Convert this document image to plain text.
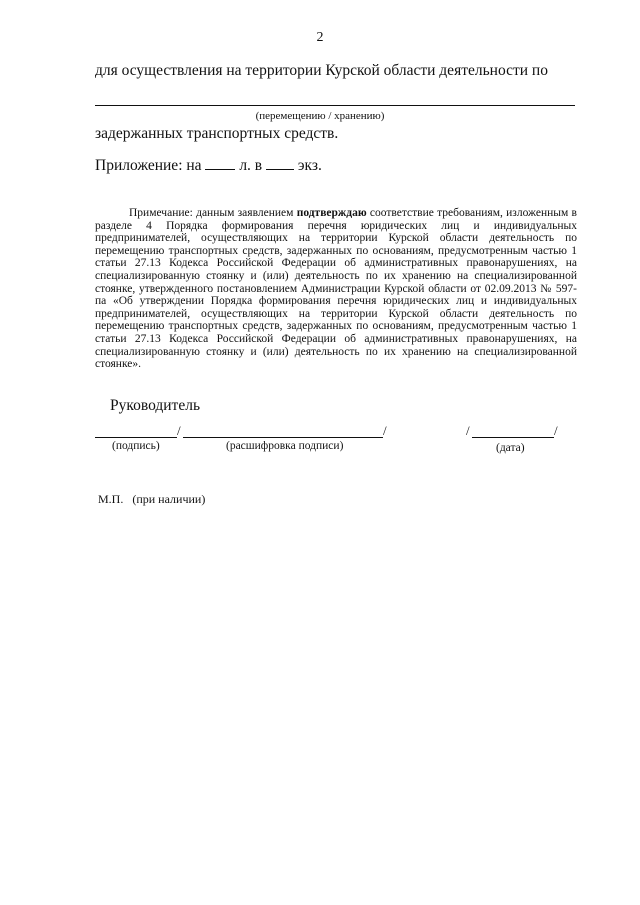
2
для осуществления на территории Курской области деятельности по
(перемещению / хранению)
задержанных транспортных средств.
Приложение: на л. в экз.
Примечание: данным заявлением подтверждаю соответствие требованиям, изложенным в разделе 4 Порядка формирования перечня юридических лиц и индивидуальных предпринимателей, осуществляющих на территории Курской области деятельность по перемещению транспортных средств, задержанных по основаниям, предусмотренным частью 1 статьи 27.13 Кодекса Российской Федерации об административных правонарушениях, на специализированную стоянку и (или) деятельность по их хранению на специализированной стоянке, утвержденного постановлением Администрации Курской области от 02.09.2013 № 597-па «Об утверждении Порядка формирования перечня юридических лиц и индивидуальных предпринимателей, осуществляющих на территории Курской области деятельность по перемещению транспортных средств, задержанных по основаниям, предусмотренным частью 1 статьи 27.13 Кодекса Российской Федерации об административных правонарушениях, на специализированную стоянку и (или) деятельность по их хранению на специализированной стоянке».
Руководитель
/	/	/	/
(подпись)	(расшифровка подписи)	(дата)
М.П.   (при наличии)
